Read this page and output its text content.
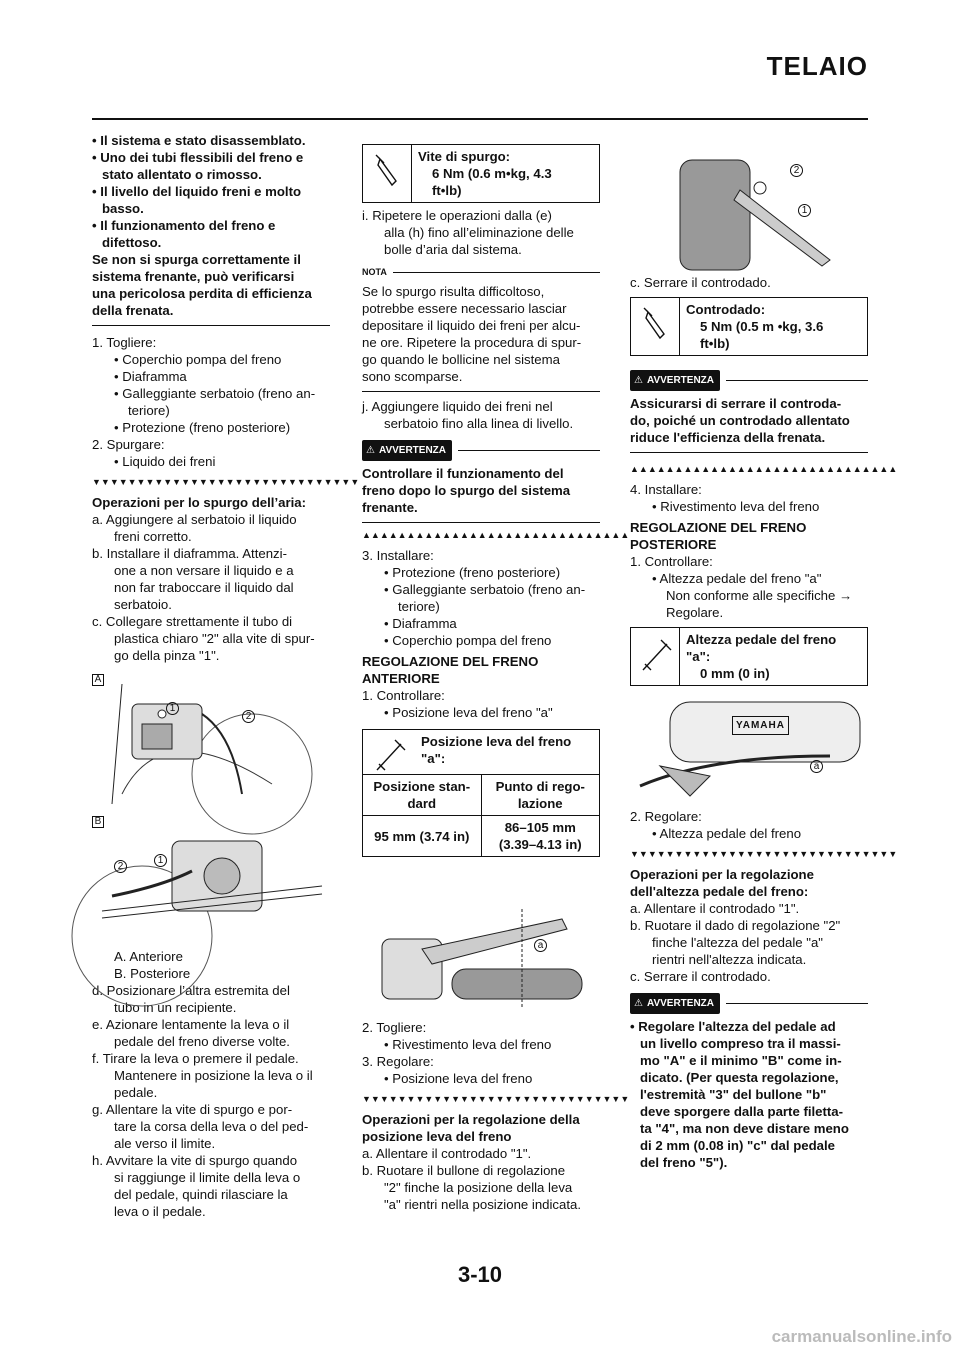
TELAIO
• Il sistema e stato disassemblato.
• Uno dei tubi flessibili del freno e
stato allentato o rimosso.
• Il livello del liquido freni e molto
basso.
• Il funzionamento del freno e
difettoso.
Se non si spurga correttamente il
sistema frenante, può verificarsi
una pericolosa perdita di efficienza
della frenata.
1. Togliere:
• Coperchio pompa del freno
• Diaframma
• Galleggiante serbatoio (freno an-
teriore)
• Protezione (freno posteriore)
2. Spurgare:
• Liquido dei freni
▼▼▼▼▼▼▼▼▼▼▼▼▼▼▼▼▼▼▼▼▼▼▼▼▼▼▼▼▼▼
Operazioni per lo spurgo dell’aria:
a. Aggiungere al serbatoio il liquido
freni corretto.
b. Installare il diaframma. Attenzi-
one a non versare il liquido e a
non far traboccare il liquido dal
serbatoio.
c. Collegare strettamente il tubo di
plastica chiaro "2" alla vite di spur-
go della pinza "1".
A
1
2
B
2
1
A. Anteriore
B. Posteriore
d. Posizionare l’altra estremita del
tubo in un recipiente.
e. Azionare lentamente la leva o il
pedale del freno diverse volte.
f. Tirare la leva o premere il pedale.
Mantenere in posizione la leva o il
pedale.
g. Allentare la vite di spurgo e por-
tare la corsa della leva o del ped-
ale verso il limite.
h. Avvitare la vite di spurgo quando
si raggiunge il limite della leva o
del pedale, quindi rilasciare la
leva o il pedale.
Vite di spurgo:
6 Nm (0.6 m•kg, 4.3
ft•lb)
i. Ripetere le operazioni dalla (e)
alla (h) fino all’eliminazione delle
bolle d’aria dal sistema.
NOTA
Se lo spurgo risulta difficoltoso,
potrebbe essere necessario lasciar
depositare il liquido dei freni per alcu-
ne ore. Ripetere la procedura di spur-
go quando le bollicine nel sistema
sono scomparse.
j. Aggiungere liquido dei freni nel
serbatoio fino alla linea di livello.
⚠ AVVERTENZA
Controllare il funzionamento del
freno dopo lo spurgo del sistema
frenante.
▲▲▲▲▲▲▲▲▲▲▲▲▲▲▲▲▲▲▲▲▲▲▲▲▲▲▲▲▲▲
3. Installare:
• Protezione (freno posteriore)
• Galleggiante serbatoio (freno an-
teriore)
• Diaframma
• Coperchio pompa del freno
REGOLAZIONE DEL FRENO
ANTERIORE
1. Controllare:
• Posizione leva del freno "a"
Posizione leva del freno
"a":
Posizione stan-
dard
Punto di rego-
lazione
95 mm (3.74 in)
86–105 mm
(3.39–4.13 in)
a
2. Togliere:
• Rivestimento leva del freno
3. Regolare:
• Posizione leva del freno
▼▼▼▼▼▼▼▼▼▼▼▼▼▼▼▼▼▼▼▼▼▼▼▼▼▼▼▼▼▼
Operazioni per la regolazione della
posizione leva del freno
a. Allentare il controdado "1".
b. Ruotare il bullone di regolazione
"2" finche la posizione della leva
"a" rientri nella posizione indicata.
2
1
c. Serrare il controdado.
Controdado:
5 Nm (0.5 m •kg, 3.6
ft•lb)
⚠ AVVERTENZA
Assicurarsi di serrare il controda-
do, poiché un controdado allentato
riduce l'efficienza della frenata.
▲▲▲▲▲▲▲▲▲▲▲▲▲▲▲▲▲▲▲▲▲▲▲▲▲▲▲▲▲▲
4. Installare:
• Rivestimento leva del freno
REGOLAZIONE DEL FRENO
POSTERIORE
1. Controllare:
• Altezza pedale del freno "a"
Non conforme alle specifiche →
Regolare.
Altezza pedale del freno
"a":
0 mm (0 in)
YAMAHA
a
2. Regolare:
• Altezza pedale del freno
▼▼▼▼▼▼▼▼▼▼▼▼▼▼▼▼▼▼▼▼▼▼▼▼▼▼▼▼▼▼
Operazioni per la regolazione
dell'altezza pedale del freno:
a. Allentare il controdado "1".
b. Ruotare il dado di regolazione "2"
finche l'altezza del pedale "a"
rientri nell'altezza indicata.
c. Serrare il controdado.
⚠ AVVERTENZA
• Regolare l'altezza del pedale ad
un livello compreso tra il massi-
mo "A" e il minimo "B" come in-
dicato. (Per questa regolazione,
l'estremità "3" del bullone "b"
deve sporgere dalla parte filetta-
ta "4", ma non deve distare meno
di 2 mm (0.08 in) "c" dal pedale
del freno "5").
3-10
carmanualsonline.info
